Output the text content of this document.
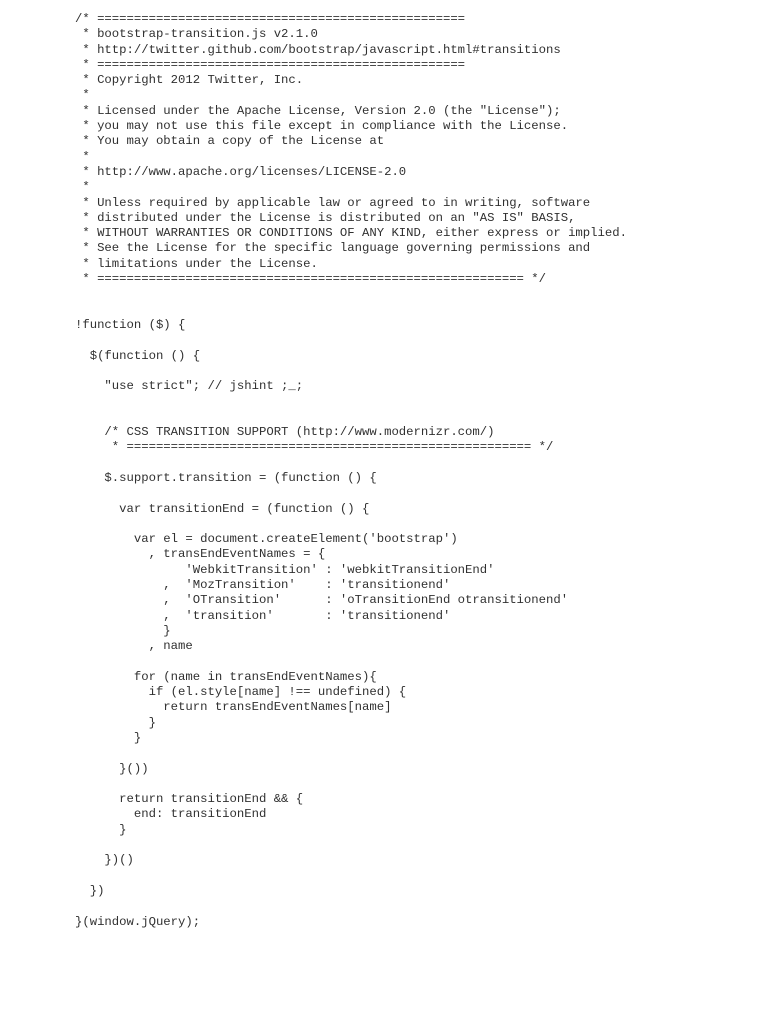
/* ==================================================
* bootstrap-transition.js v2.1.0
* http://twitter.github.com/bootstrap/javascript.html#transitions
* ==================================================
* Copyright 2012 Twitter, Inc.
*
* Licensed under the Apache License, Version 2.0 (the "License");
* you may not use this file except in compliance with the License.
* You may obtain a copy of the License at
*
* http://www.apache.org/licenses/LICENSE-2.0
*
* Unless required by applicable law or agreed to in writing, software
* distributed under the License is distributed on an "AS IS" BASIS,
* WITHOUT WARRANTIES OR CONDITIONS OF ANY KIND, either express or implied.
* See the License for the specific language governing permissions and
* limitations under the License.
* ========================================================== */

!function ($) {

$(function () {

"use strict"; // jshint ;_;

/* CSS TRANSITION SUPPORT (http://www.modernizr.com/)
* ======================================================= */

$.support.transition = (function () {

var transitionEnd = (function () {

var el = document.createElement('bootstrap')
, transEndEventNames = {
'WebkitTransition' : 'webkitTransitionEnd'
,  'MozTransition'    : 'transitionend'
,  'OTransition'      : 'oTransitionEnd otransitionend'
,  'transition'       : 'transitionend'
}
, name

for (name in transEndEventNames){
if (el.style[name] !== undefined) {
return transEndEventNames[name]
}
}

}())

return transitionEnd && {
end: transitionEnd
}

})()

})

}(window.jQuery);
